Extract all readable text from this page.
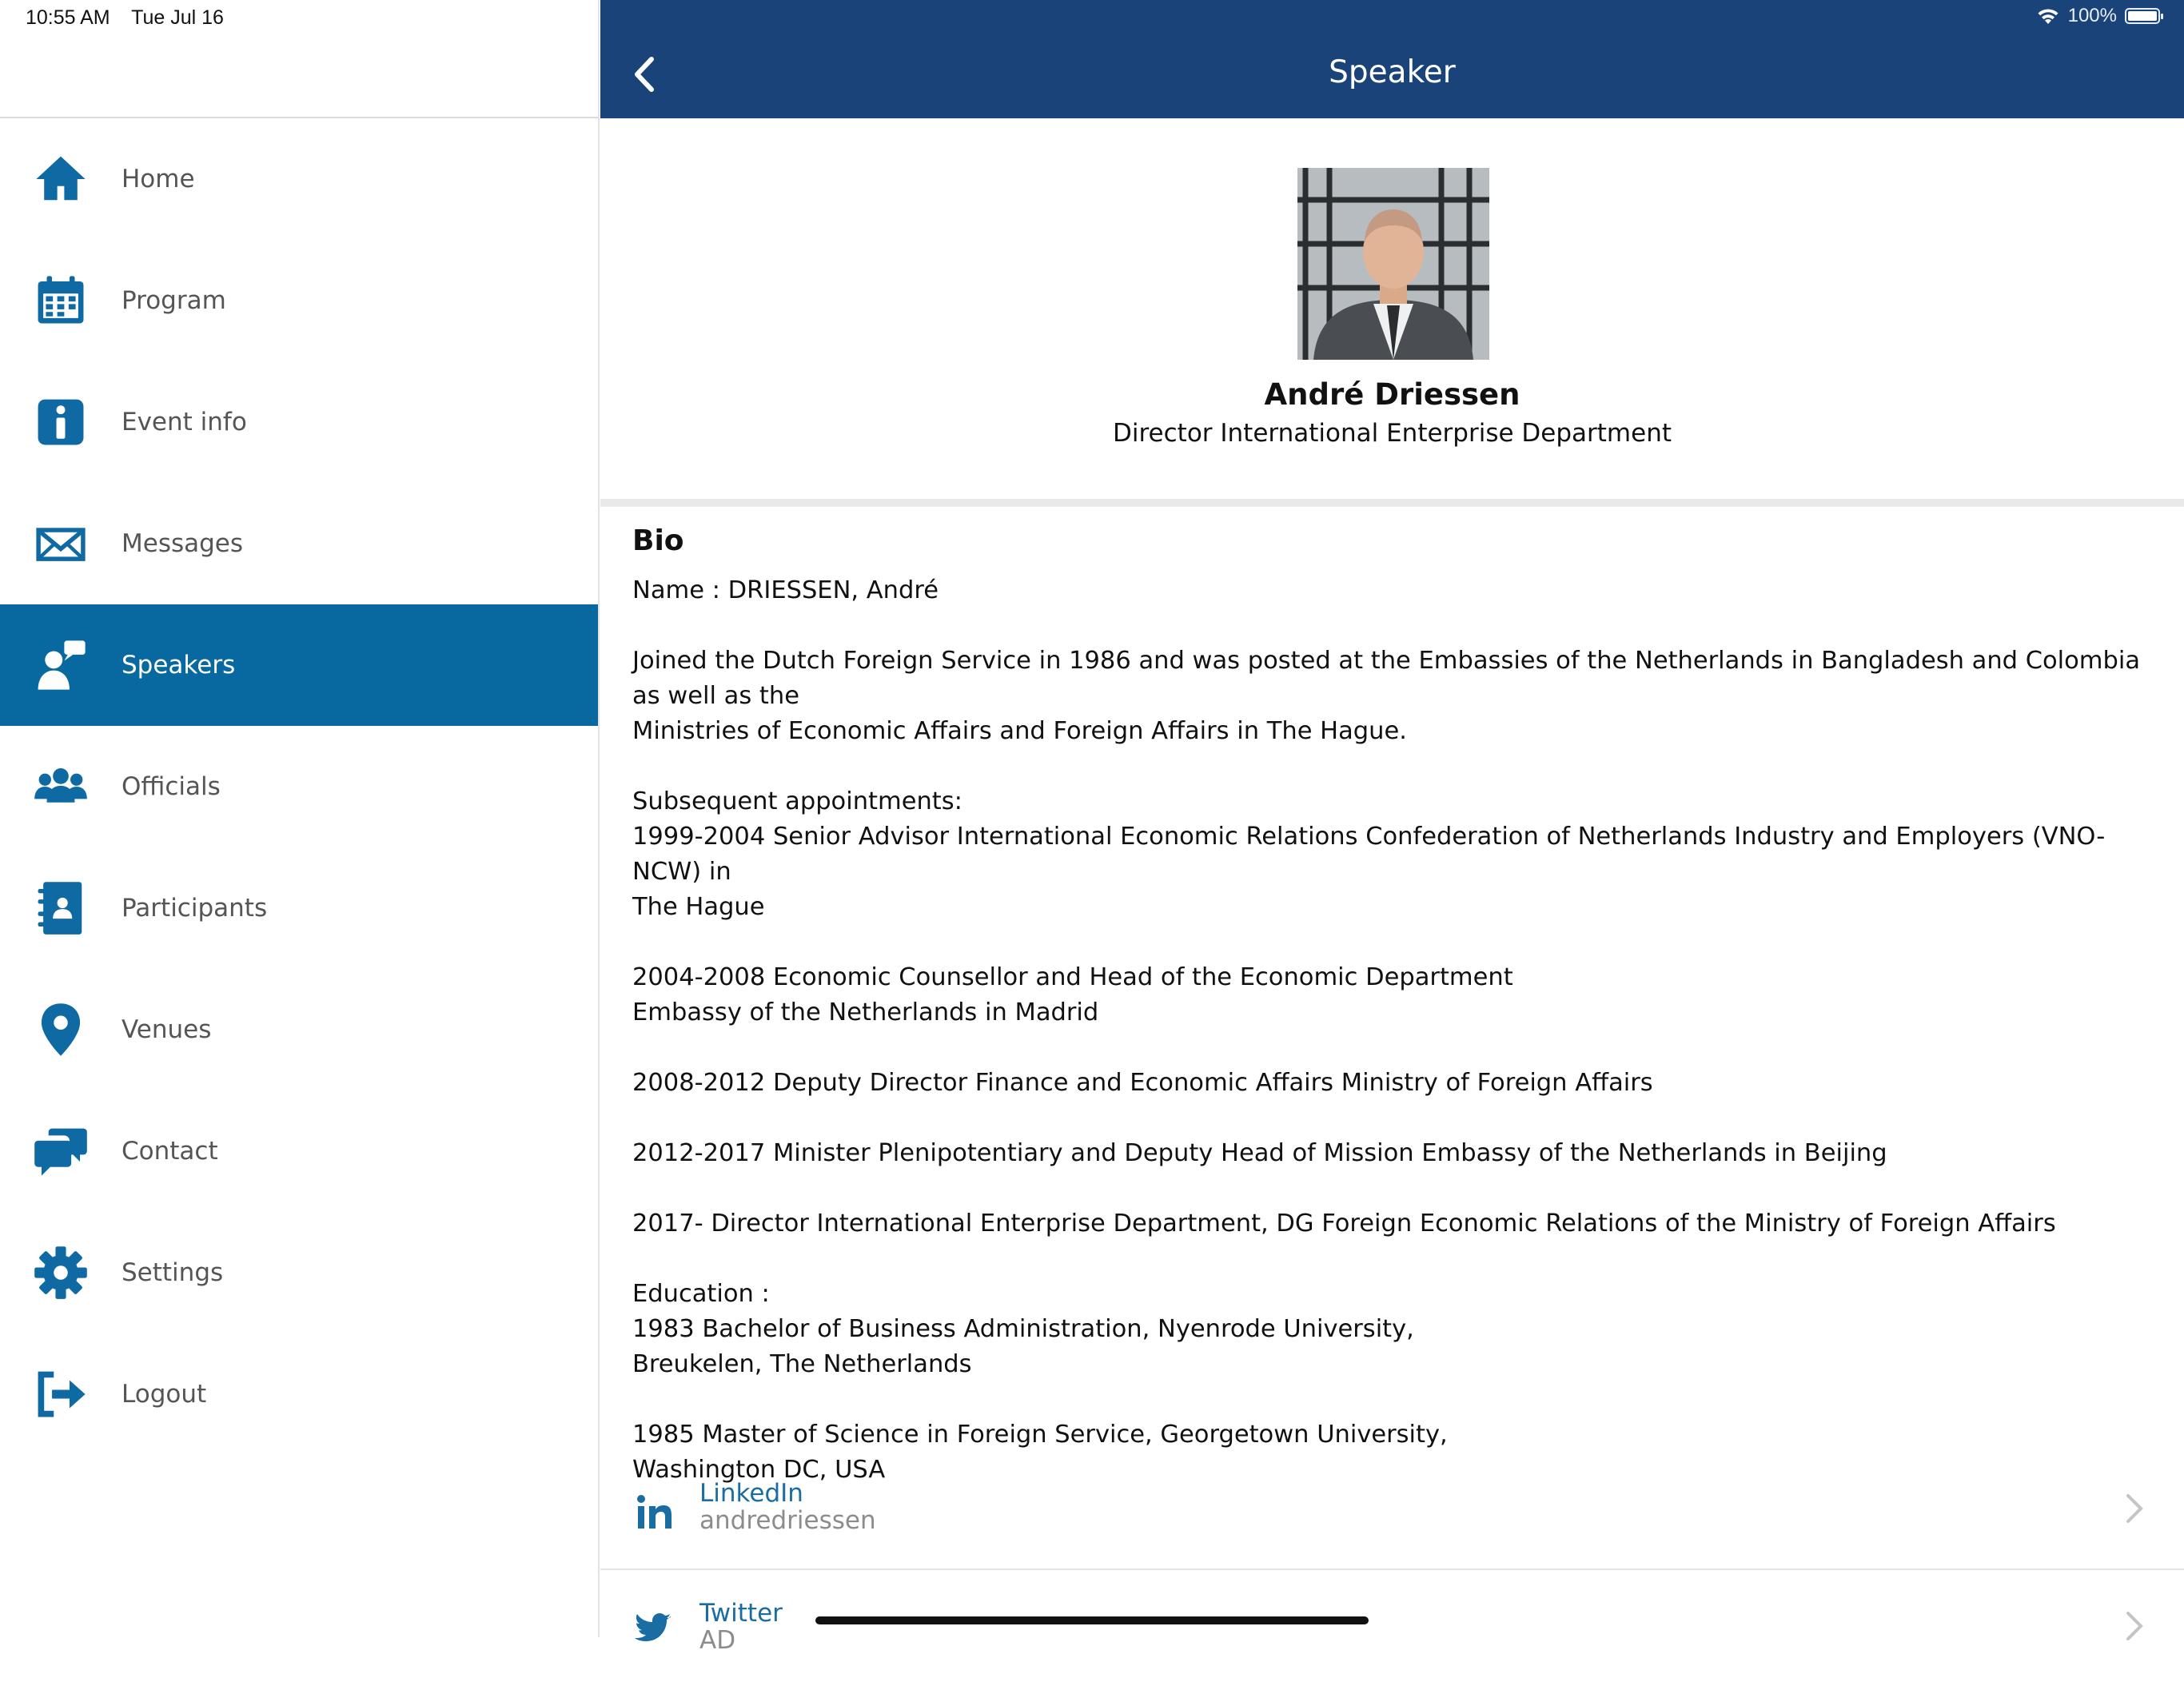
10:55 AM Tue Jul 16
Home
Program
Event info
Messages
Speakers
Officials
Participants
Venues
Contact
Settings
Logout
100%
Speaker
André Driessen
Director International Enterprise Department
Bio

Name : DRIESSEN, André

Joined the Dutch Foreign Service in 1986 and was posted at the Embassies of the Netherlands in Bangladesh and Colombia as well as the
Ministries of Economic Affairs and Foreign Affairs in The Hague.

Subsequent appointments:
1999-2004 Senior Advisor International Economic Relations Confederation of Netherlands Industry and Employers (VNO-NCW) in
The Hague

2004-2008 Economic Counsellor and Head of the Economic Department
Embassy of the Netherlands in Madrid

2008-2012 Deputy Director Finance and Economic Affairs Ministry of Foreign Affairs

2012-2017 Minister Plenipotentiary and Deputy Head of Mission Embassy of the Netherlands in Beijing

2017- Director International Enterprise Department, DG Foreign Economic Relations of the Ministry of Foreign Affairs

Education :
1983 Bachelor of Business Administration, Nyenrode University,
Breukelen, The Netherlands

1985 Master of Science in Foreign Service, Georgetown University,
Washington DC, USA

LinkedIn
andredriessen
Twitter
AD
